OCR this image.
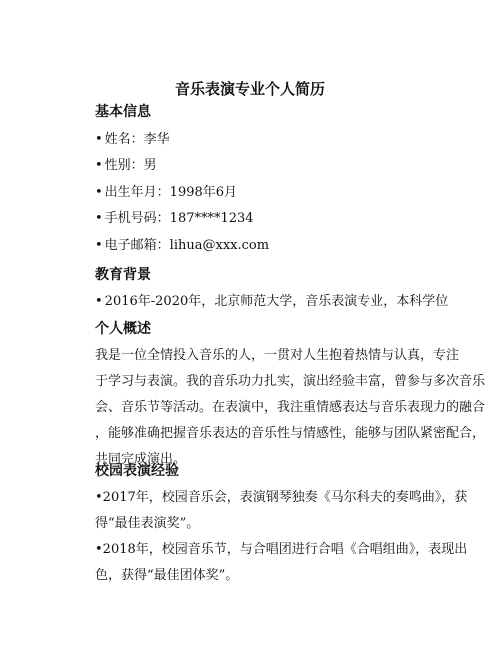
音乐表演专业个人简历
基本信息
• 姓名：李华
• 性别：男
• 出生年月：1998年6月
• 手机号码：187****1234
• 电子邮箱：lihua@xxx.com
教育背景
• 2016年-2020年，北京师范大学，音乐表演专业，本科学位
个人概述
我是一位全情投入音乐的人，一贯对人生抱着热情与认真，专注
于学习与表演。我的音乐功力扎实，演出经验丰富，曾参与多次音乐
会、音乐节等活动。在表演中，我注重情感表达与音乐表现力的融合
，能够准确把握音乐表达的音乐性与情感性，能够与团队紧密配合，
共同完成演出。
校园表演经验
•2017年，校园音乐会，表演钢琴独奏《马尔科夫的奏鸣曲》，获
得“最佳表演奖”。
•2018年，校园音乐节，与合唱团进行合唱《合唱组曲》，表现出
色，获得“最佳团体奖”。
